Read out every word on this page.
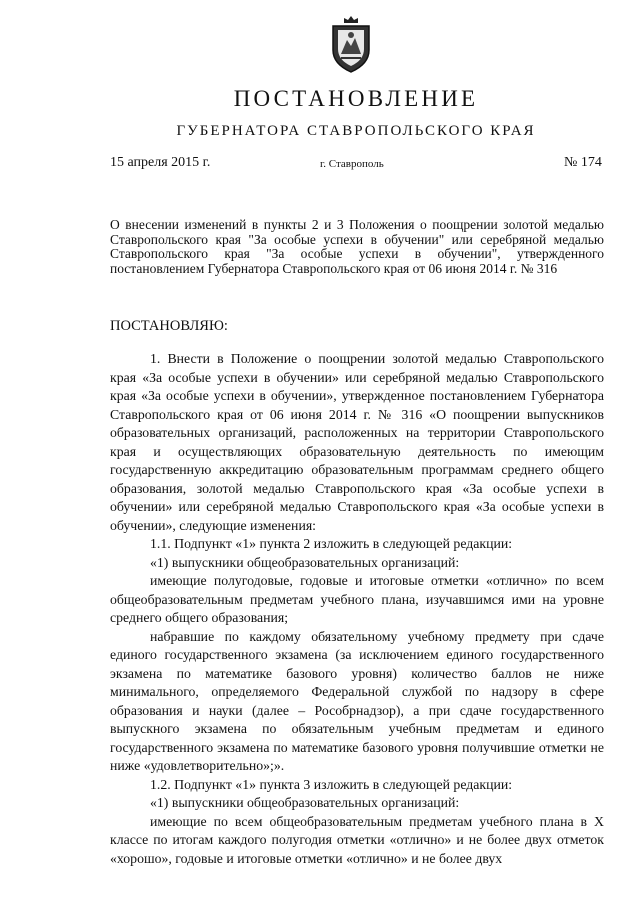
ПОСТАНОВЛЕНИЕ
ГУБЕРНАТОРА СТАВРОПОЛЬСКОГО КРАЯ
15 апреля 2015 г.	г. Ставрополь	№ 174

О внесении изменений в пункты 2 и 3 Положения о поощрении золотой медалью Ставропольского края "За особые успехи в обучении" или серебряной медалью Ставропольского края "За особые успехи в обучении", утвержденного постановлением Губернатора Ставропольского края от 06 июня 2014 г. № 316

ПОСТАНОВЛЯЮ:

1. Внести в Положение о поощрении золотой медалью Ставропольского края «За особые успехи в обучении» или серебряной медалью Ставропольского края «За особые успехи в обучении», утвержденное постановлением Губернатора Ставропольского края от 06 июня 2014 г. № 316 «О поощрении выпускников образовательных организаций, расположенных на территории Ставропольского края и осуществляющих образовательную деятельность по имеющим государственную аккредитацию образовательным программам среднего общего образования, золотой медалью Ставропольского края «За особые успехи в обучении» или серебряной медалью Ставропольского края «За особые успехи в обучении», следующие изменения:

1.1. Подпункт «1» пункта 2 изложить в следующей редакции:

«1) выпускники общеобразовательных организаций:

имеющие полугодовые, годовые и итоговые отметки «отлично» по всем общеобразовательным предметам учебного плана, изучавшимся ими на уровне среднего общего образования;

набравшие по каждому обязательному учебному предмету при сдаче единого государственного экзамена (за исключением единого государственного экзамена по математике базового уровня) количество баллов не ниже минимального, определяемого Федеральной службой по надзору в сфере образования и науки (далее – Рособрнадзор), а при сдаче государственного выпускного экзамена по обязательным учебным предметам и единого государственного экзамена по математике базового уровня получившие отметки не ниже «удовлетворительно»;».

1.2. Подпункт «1» пункта 3 изложить в следующей редакции:

«1) выпускники общеобразовательных организаций:

имеющие по всем общеобразовательным предметам учебного плана в X классе по итогам каждого полугодия отметки «отлично» и не более двух отметок «хорошо», годовые и итоговые отметки «отлично» и не более двух
